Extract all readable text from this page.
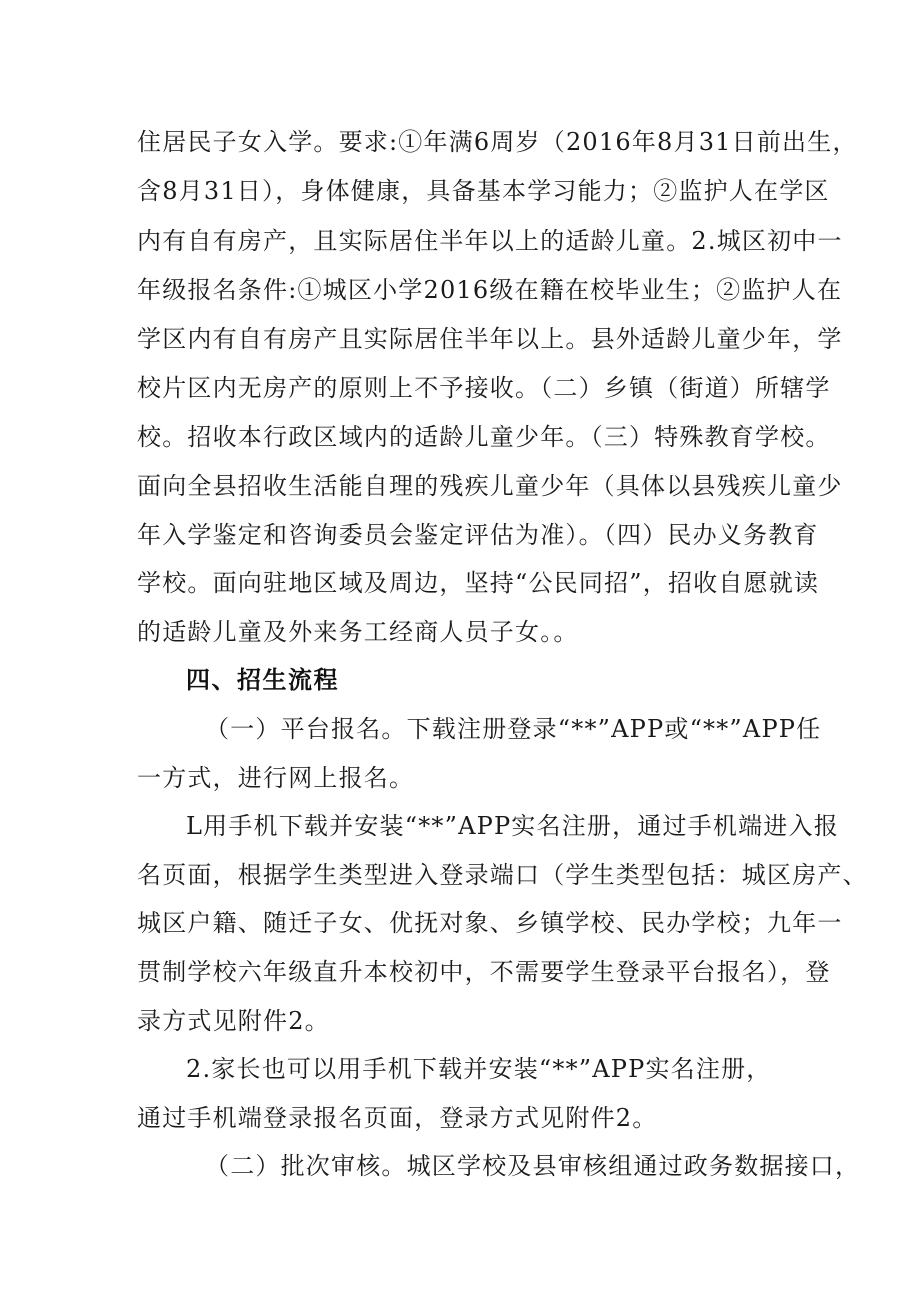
住居民子女入学。要求:①年满6周岁（2016年8月31日前出生，

含8月31日），身体健康，具备基本学习能力；②监护人在学区

内有自有房产，且实际居住半年以上的适龄儿童。2.城区初中一

年级报名条件:①城区小学2016级在籍在校毕业生；②监护人在

学区内有自有房产且实际居住半年以上。县外适龄儿童少年，学

校片区内无房产的原则上不予接收。（二）乡镇（街道）所辖学

校。招收本行政区域内的适龄儿童少年。（三）特殊教育学校。

面向全县招收生活能自理的残疾儿童少年（具体以县残疾儿童少

年入学鉴定和咨询委员会鉴定评估为准）。（四）民办义务教育

学校。面向驻地区域及周边，坚持“公民同招”，招收自愿就读

的适龄儿童及外来务工经商人员子女。。

四、招生流程

（一）平台报名。下载注册登录“**”APP或“**”APP任

一方式，进行网上报名。

L用手机下载并安装“**”APP实名注册，通过手机端进入报

名页面，根据学生类型进入登录端口（学生类型包括：城区房产、

城区户籍、随迁子女、优抚对象、乡镇学校、民办学校；九年一

贯制学校六年级直升本校初中，不需要学生登录平台报名），登

录方式见附件2。

2.家长也可以用手机下载并安装“**”APP实名注册，

通过手机端登录报名页面，登录方式见附件2。

（二）批次审核。城区学校及县审核组通过政务数据接口，
